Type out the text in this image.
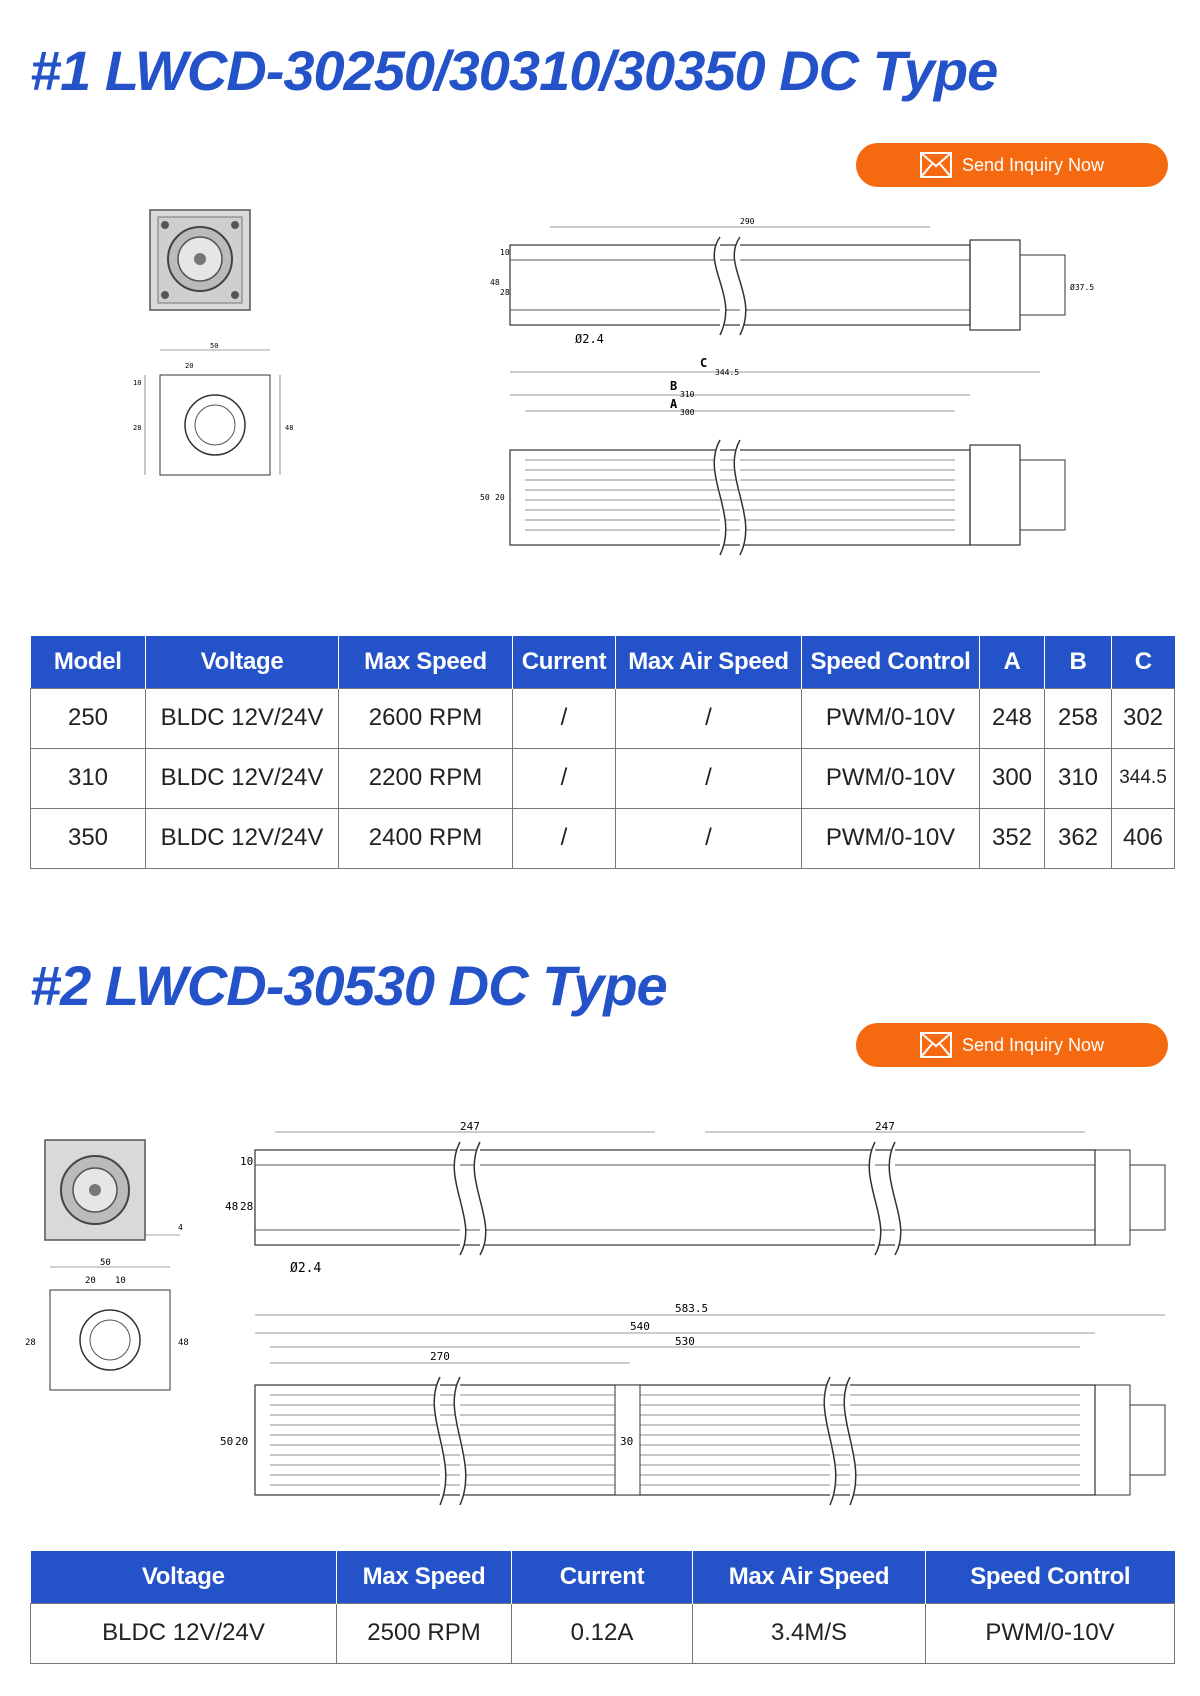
#1 LWCD-30250/30310/30350 DC Type
Send Inquiry Now
50
20
28	48
10
290
Ø37.5
48
10
28
Ø2.4
C
344.5
B
310
A
300
50 20
Model	Voltage	Max Speed	Current	Max Air Speed	Speed Control	A	B	C
250	BLDC 12V/24V	2600 RPM	/	/	PWM/0-10V	248	258	302
310	BLDC 12V/24V	2200 RPM	/	/	PWM/0-10V	300	310	344.5
350	BLDC 12V/24V	2400 RPM	/	/	PWM/0-10V	352	362	406
#2 LWCD-30530 DC Type
Send Inquiry Now
4
50
20 10
28	48
247	247
48 28
10
Ø2.4
583.5
540
530
270
30
50 20
Voltage	Max Speed	Current	Max Air Speed	Speed Control
BLDC 12V/24V	2500 RPM	0.12A	3.4M/S	PWM/0-10V
